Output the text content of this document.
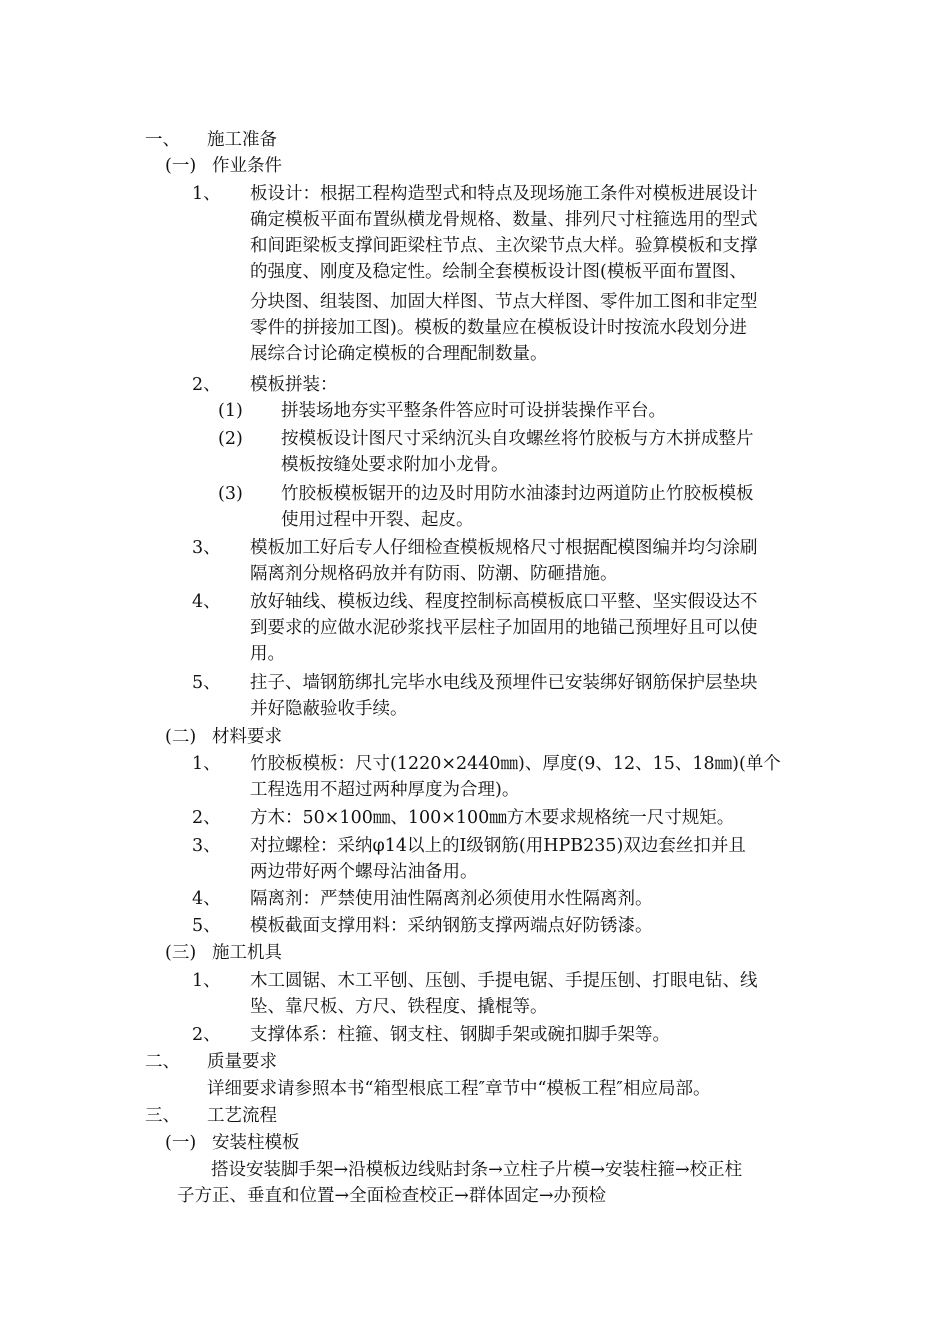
一、 施工准备
(一) 作业条件
1、 板设计：根据工程构造型式和特点及现场施工条件对模板进展设计
确定模板平面布置纵横龙骨规格、数量、排列尺寸柱箍选用的型式
和间距梁板支撑间距梁柱节点、主次梁节点大样。验算模板和支撑
的强度、刚度及稳定性。绘制全套模板设计图(模板平面布置图、
分块图、组装图、加固大样图、节点大样图、零件加工图和非定型
零件的拼接加工图)。模板的数量应在模板设计时按流水段划分进
展综合讨论确定模板的合理配制数量。
2、 模板拼装：
(1) 拼装场地夯实平整条件答应时可设拼装操作平台。
(2) 按模板设计图尺寸采纳沉头自攻螺丝将竹胶板与方木拼成整片
模板按缝处要求附加小龙骨。
(3) 竹胶板模板锯开的边及时用防水油漆封边两道防止竹胶板模板
使用过程中开裂、起皮。
3、 模板加工好后专人仔细检查模板规格尺寸根据配模图编并均匀涂刷
隔离剂分规格码放并有防雨、防潮、防砸措施。
4、 放好轴线、模板边线、程度控制标高模板底口平整、坚实假设达不
到要求的应做水泥砂浆找平层柱子加固用的地锚己预埋好且可以使
用。
5、 拄子、墙钢筋绑扎完毕水电线及预埋件已安装绑好钢筋保护层垫块
并好隐蔽验收手续。
(二) 材料要求
1、 竹胶板模板：尺寸(1220×2440㎜)、厚度(9、12、15、18㎜)(单个
工程选用不超过两种厚度为合理)。
2、 方木：50×100㎜、100×100㎜方木要求规格统一尺寸规矩。
3、 对拉螺栓：采纳φ14以上的Ⅰ级钢筋(用HPB235)双边套丝扣并且
两边带好两个螺母沾油备用。
4、 隔离剂：严禁使用油性隔离剂必须使用水性隔离剂。
5、 模板截面支撑用料：采纳钢筋支撑两端点好防锈漆。
(三) 施工机具
1、 木工圆锯、木工平刨、压刨、手提电锯、手提压刨、打眼电钻、线
坠、靠尺板、方尺、铁程度、撬棍等。
2、 支撑体系：柱箍、钢支柱、钢脚手架或碗扣脚手架等。
二、 质量要求
详细要求请参照本书“箱型根底工程″章节中“模板工程″相应局部。
三、 工艺流程
(一) 安装柱模板
搭设安装脚手架→沿模板边线贴封条→立柱子片模→安装柱箍→校正柱
子方正、垂直和位置→全面检查校正→群体固定→办预检
